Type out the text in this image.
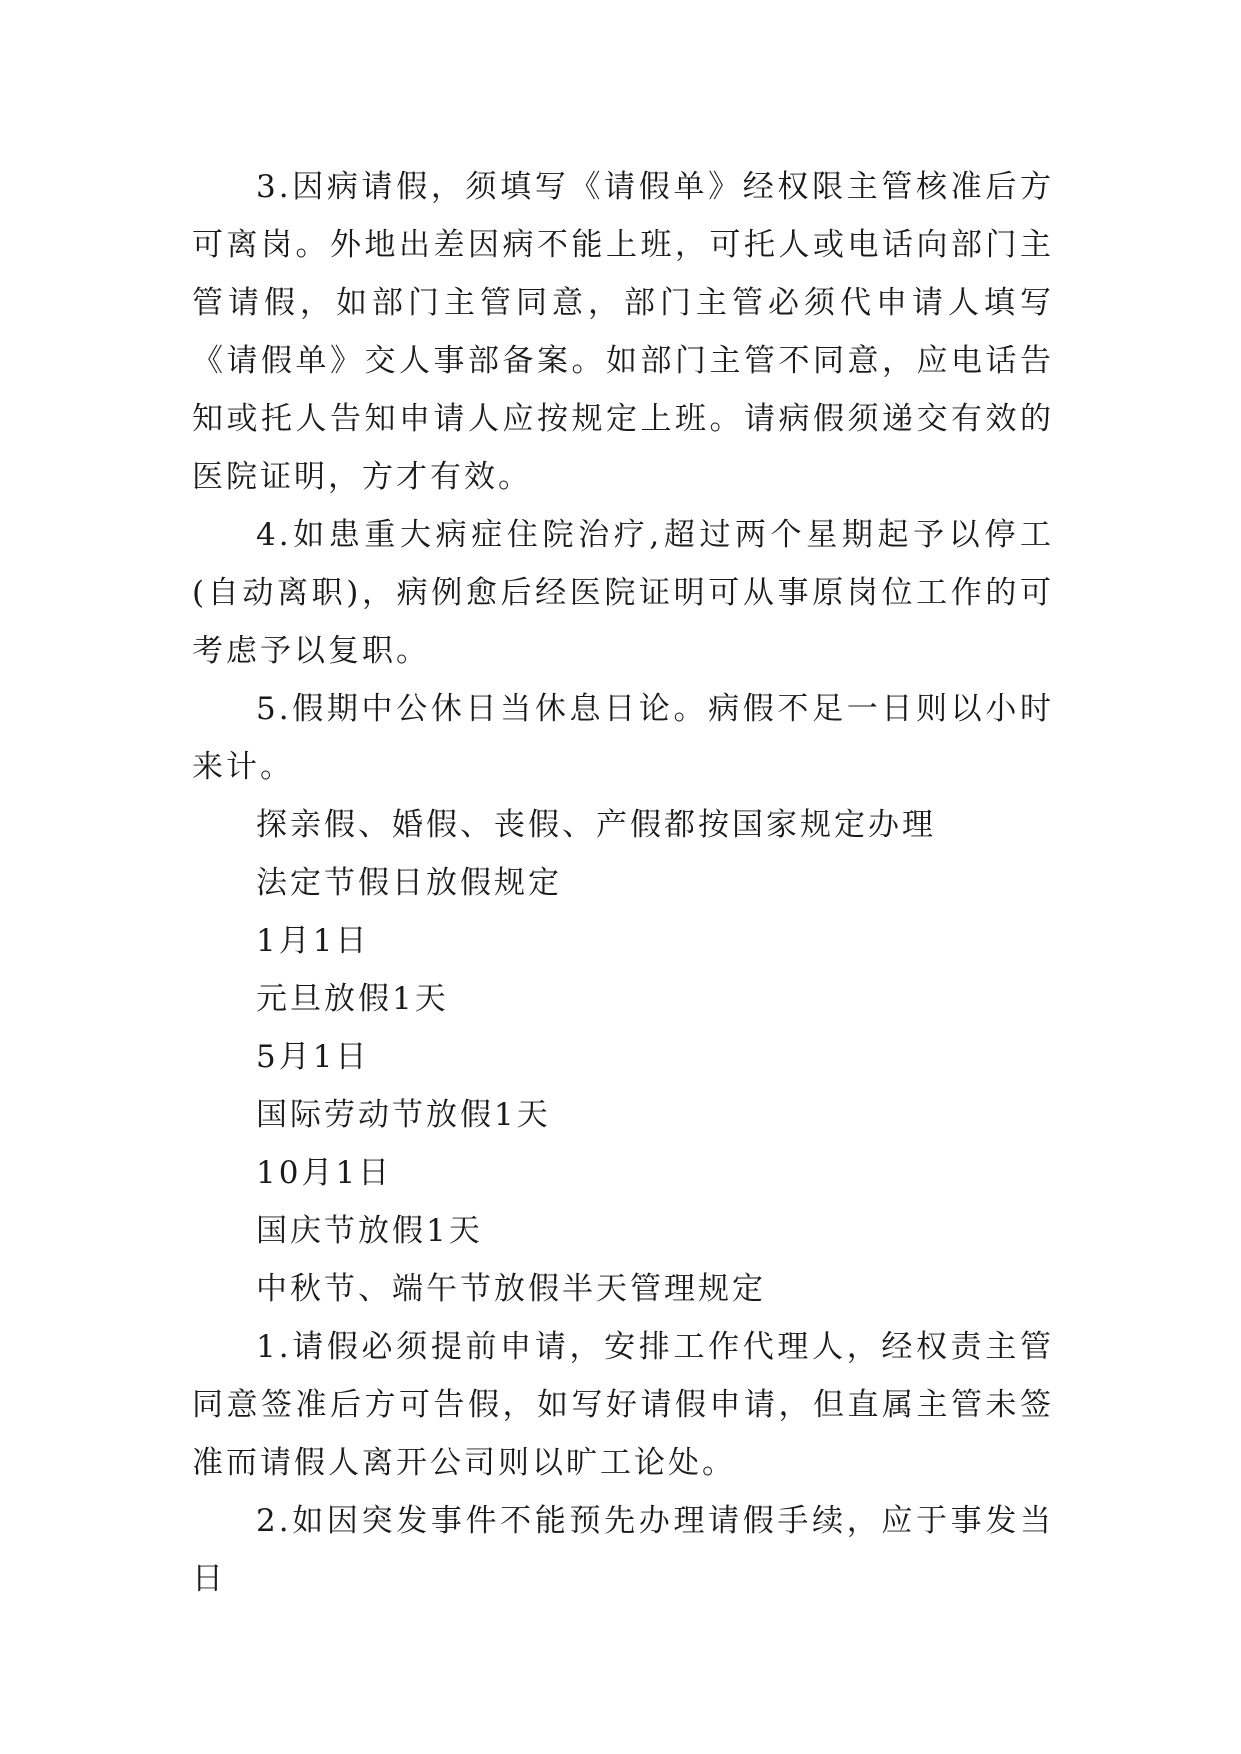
3.因病请假，须填写《请假单》经权限主管核准后方可离岗。外地出差因病不能上班，可托人或电话向部门主管请假，如部门主管同意，部门主管必须代申请人填写《请假单》交人事部备案。如部门主管不同意，应电话告知或托人告知申请人应按规定上班。请病假须递交有效的医院证明，方才有效。

4.如患重大病症住院治疗,超过两个星期起予以停工(自动离职)，病例愈后经医院证明可从事原岗位工作的可考虑予以复职。

5.假期中公休日当休息日论。病假不足一日则以小时来计。

探亲假、婚假、丧假、产假都按国家规定办理

法定节假日放假规定

1月1日

元旦放假1天

5月1日

国际劳动节放假1天

10月1日

国庆节放假1天

中秋节、端午节放假半天管理规定

1.请假必须提前申请，安排工作代理人，经权责主管同意签准后方可告假，如写好请假申请，但直属主管未签准而请假人离开公司则以旷工论处。

2.如因突发事件不能预先办理请假手续，应于事发当日
